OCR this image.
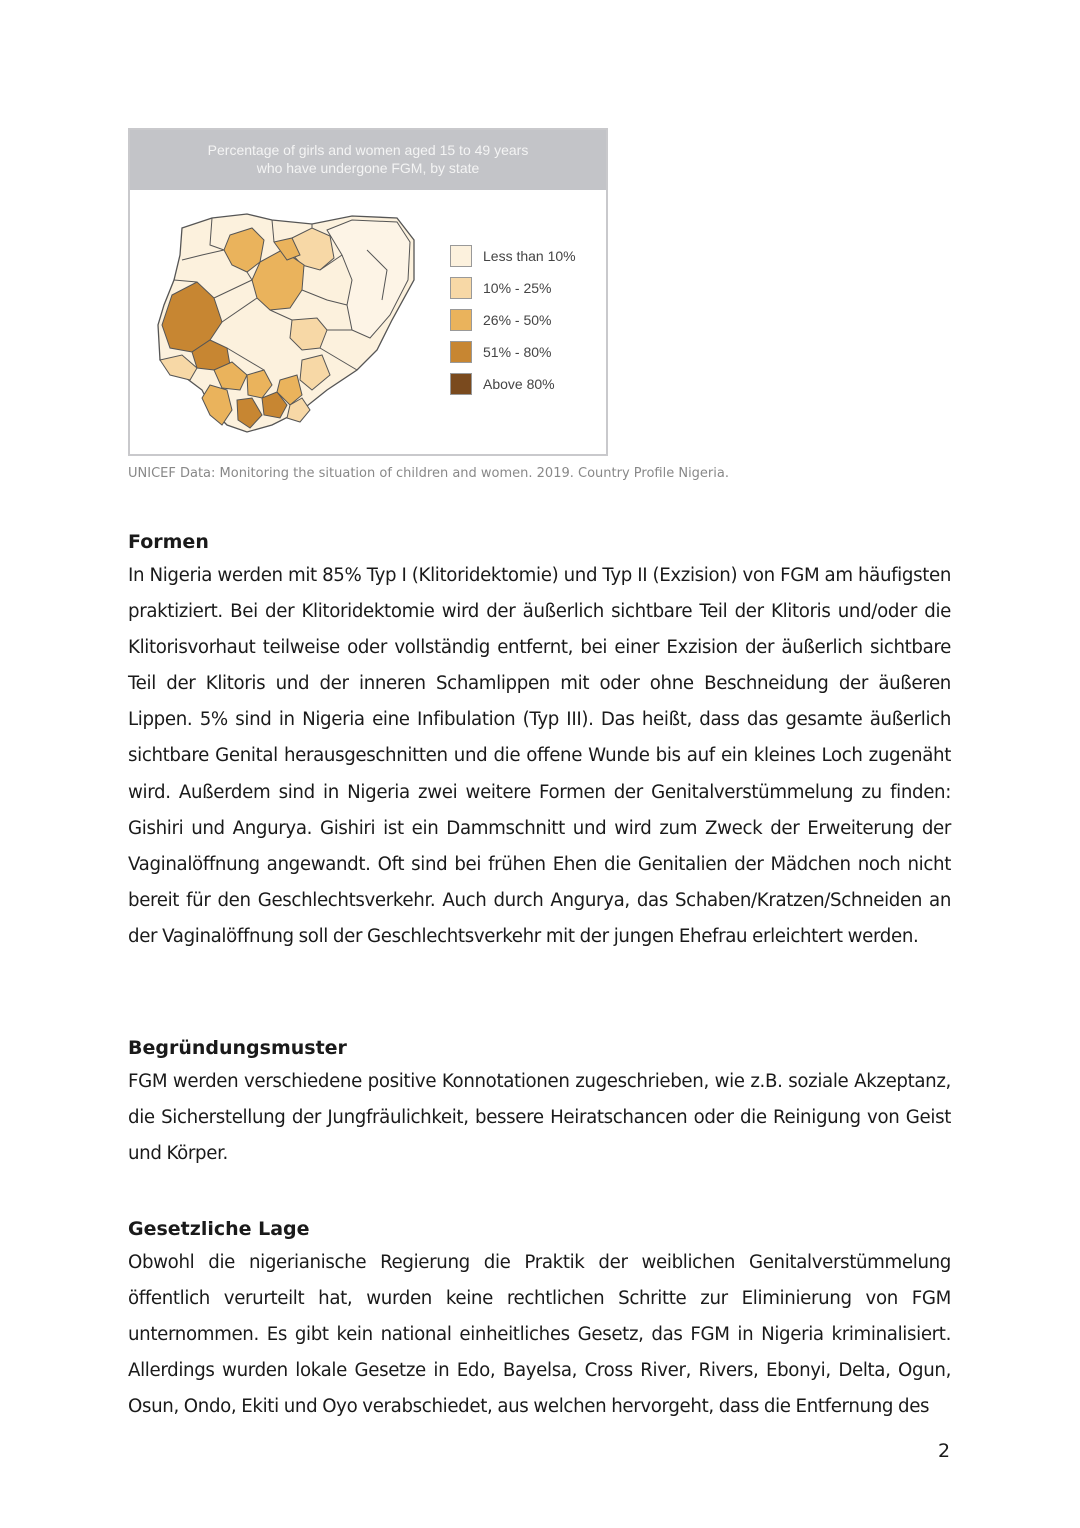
Percentage of girls and women aged 15 to 49 years
who have undergone FGM, by state
Less than 10%
10% - 25%
26% - 50%
51% - 80%
Above 80%
UNICEF Data: Monitoring the situation of children and women. 2019. Country Profile Nigeria.
Formen

In Nigeria werden mit 85% Typ I (Klitoridektomie) und Typ II (Exzision) von FGM am häufigsten praktiziert. Bei der Klitoridektomie wird der äußerlich sichtbare Teil der Klitoris und/oder die Klitorisvorhaut teilweise oder vollständig entfernt, bei einer Exzision der äußerlich sichtbare Teil der Klitoris und der inneren Schamlippen mit oder ohne Beschneidung der äußeren Lippen. 5% sind in Nigeria eine Infibulation (Typ III). Das heißt, dass das gesamte äußerlich sichtbare Genital herausgeschnitten und die offene Wunde bis auf ein kleines Loch zugenäht wird. Außerdem sind in Nigeria zwei weitere Formen der Genitalverstümmelung zu finden: Gishiri und Angurya. Gishiri ist ein Dammschnitt und wird zum Zweck der Erweiterung der Vaginalöffnung angewandt. Oft sind bei frühen Ehen die Genitalien der Mädchen noch nicht bereit für den Geschlechtsverkehr. Auch durch Angurya, das Schaben/Kratzen/Schneiden an der Vaginalöffnung soll der Geschlechtsverkehr mit der jungen Ehefrau erleichtert werden.

Begründungsmuster

FGM werden verschiedene positive Konnotationen zugeschrieben, wie z.B. soziale Akzeptanz, die Sicherstellung der Jungfräulichkeit, bessere Heiratschancen oder die Reinigung von Geist und Körper.

Gesetzliche Lage

Obwohl die nigerianische Regierung die Praktik der weiblichen Genitalverstümmelung öffentlich verurteilt hat, wurden keine rechtlichen Schritte zur Eliminierung von FGM unternommen. Es gibt kein national einheitliches Gesetz, das FGM in Nigeria kriminalisiert. Allerdings wurden lokale Gesetze in Edo, Bayelsa, Cross River, Rivers, Ebonyi, Delta, Ogun, Osun, Ondo, Ekiti und Oyo verabschiedet, aus welchen hervorgeht, dass die Entfernung des

2
